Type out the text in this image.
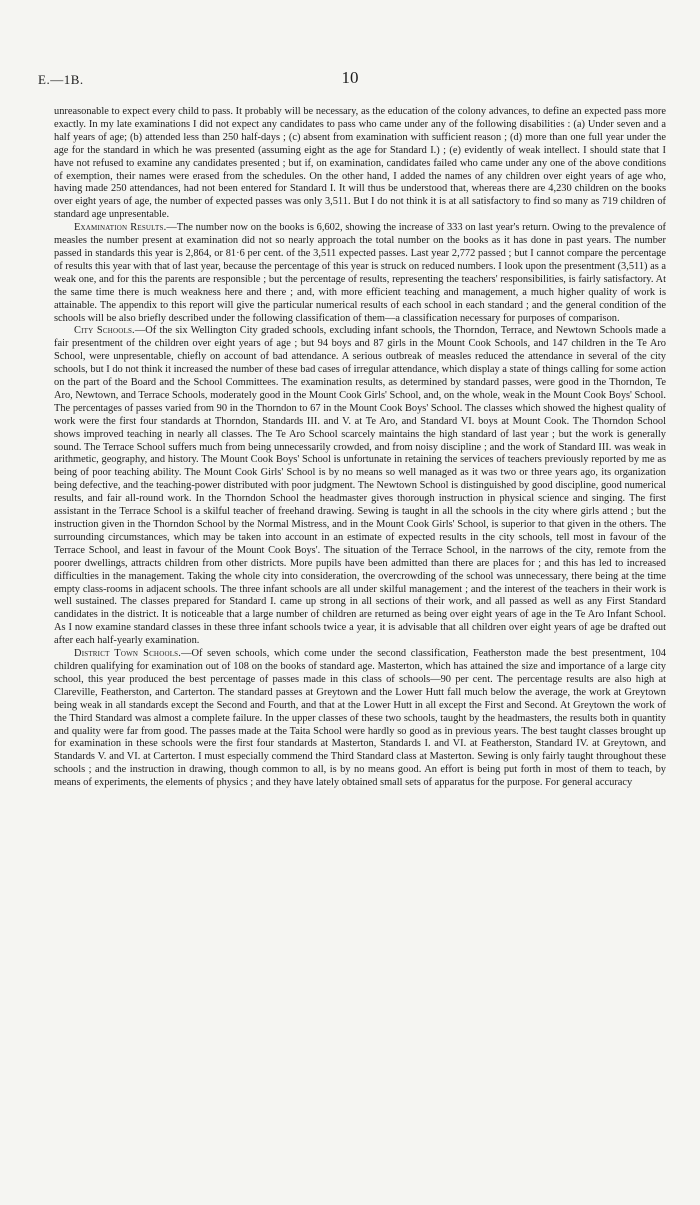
E.—1B.	10

unreasonable to expect every child to pass. It probably will be necessary, as the education of the colony advances, to define an expected pass more exactly. In my late examinations I did not expect any candidates to pass who came under any of the following disabilities : (a) Under seven and a half years of age; (b) attended less than 250 half-days ; (c) absent from examination with sufficient reason ; (d) more than one full year under the age for the standard in which he was presented (assuming eight as the age for Standard I.) ; (e) evidently of weak intellect. I should state that I have not refused to examine any candidates presented ; but if, on examination, candidates failed who came under any one of the above conditions of exemption, their names were erased from the schedules. On the other hand, I added the names of any children over eight years of age who, having made 250 attendances, had not been entered for Standard I. It will thus be understood that, whereas there are 4,230 children on the books over eight years of age, the number of expected passes was only 3,511. But I do not think it is at all satisfactory to find so many as 719 children of standard age unpresentable.

Examination Results.—The number now on the books is 6,602, showing the increase of 333 on last year's return. Owing to the prevalence of measles the number present at examination did not so nearly approach the total number on the books as it has done in past years. The number passed in standards this year is 2,864, or 81·6 per cent. of the 3,511 expected passes. Last year 2,772 passed ; but I cannot compare the percentage of results this year with that of last year, because the percentage of this year is struck on reduced numbers. I look upon the presentment (3,511) as a weak one, and for this the parents are responsible ; but the percentage of results, representing the teachers' responsibilities, is fairly satisfactory. At the same time there is much weakness here and there ; and, with more efficient teaching and management, a much higher quality of work is attainable. The appendix to this report will give the particular numerical results of each school in each standard ; and the general condition of the schools will be also briefly described under the following classification of them—a classification necessary for purposes of comparison.

City Schools.—Of the six Wellington City graded schools, excluding infant schools, the Thorndon, Terrace, and Newtown Schools made a fair presentment of the children over eight years of age ; but 94 boys and 87 girls in the Mount Cook Schools, and 147 children in the Te Aro School, were unpresentable, chiefly on account of bad attendance. A serious outbreak of measles reduced the attendance in several of the city schools, but I do not think it increased the number of these bad cases of irregular attendance, which display a state of things calling for some action on the part of the Board and the School Committees. The examination results, as determined by standard passes, were good in the Thorndon, Te Aro, Newtown, and Terrace Schools, moderately good in the Mount Cook Girls' School, and, on the whole, weak in the Mount Cook Boys' School. The percentages of passes varied from 90 in the Thorndon to 67 in the Mount Cook Boys' School. The classes which showed the highest quality of work were the first four standards at Thorndon, Standards III. and V. at Te Aro, and Standard VI. boys at Mount Cook. The Thorndon School shows improved teaching in nearly all classes. The Te Aro School scarcely maintains the high standard of last year ; but the work is generally sound. The Terrace School suffers much from being unnecessarily crowded, and from noisy discipline ; and the work of Standard III. was weak in arithmetic, geography, and history. The Mount Cook Boys' School is unfortunate in retaining the services of teachers previously reported by me as being of poor teaching ability. The Mount Cook Girls' School is by no means so well managed as it was two or three years ago, its organization being defective, and the teaching-power distributed with poor judgment. The Newtown School is distinguished by good discipline, good numerical results, and fair all-round work. In the Thorndon School the headmaster gives thorough instruction in physical science and singing. The first assistant in the Terrace School is a skilful teacher of freehand drawing. Sewing is taught in all the schools in the city where girls attend ; but the instruction given in the Thorndon School by the Normal Mistress, and in the Mount Cook Girls' School, is superior to that given in the others. The surrounding circumstances, which may be taken into account in an estimate of expected results in the city schools, tell most in favour of the Terrace School, and least in favour of the Mount Cook Boys'. The situation of the Terrace School, in the narrows of the city, remote from the poorer dwellings, attracts children from other districts. More pupils have been admitted than there are places for ; and this has led to increased difficulties in the management. Taking the whole city into consideration, the overcrowding of the school was unnecessary, there being at the time empty class-rooms in adjacent schools. The three infant schools are all under skilful management ; and the interest of the teachers in their work is well sustained. The classes prepared for Standard I. came up strong in all sections of their work, and all passed as well as any First Standard candidates in the district. It is noticeable that a large number of children are returned as being over eight years of age in the Te Aro Infant School. As I now examine standard classes in these three infant schools twice a year, it is advisable that all children over eight years of age be drafted out after each half-yearly examination.

District Town Schools.—Of seven schools, which come under the second classification, Featherston made the best presentment, 104 children qualifying for examination out of 108 on the books of standard age. Masterton, which has attained the size and importance of a large city school, this year produced the best percentage of passes made in this class of schools—90 per cent. The percentage results are also high at Clareville, Featherston, and Carterton. The standard passes at Greytown and the Lower Hutt fall much below the average, the work at Greytown being weak in all standards except the Second and Fourth, and that at the Lower Hutt in all except the First and Second. At Greytown the work of the Third Standard was almost a complete failure. In the upper classes of these two schools, taught by the headmasters, the results both in quantity and quality were far from good. The passes made at the Taita School were hardly so good as in previous years. The best taught classes brought up for examination in these schools were the first four standards at Masterton, Standards I. and VI. at Featherston, Standard IV. at Greytown, and Standards V. and VI. at Carterton. I must especially commend the Third Standard class at Masterton. Sewing is only fairly taught throughout these schools ; and the instruction in drawing, though common to all, is by no means good. An effort is being put forth in most of them to teach, by means of experiments, the elements of physics ; and they have lately obtained small sets of apparatus for the purpose. For general accuracy
